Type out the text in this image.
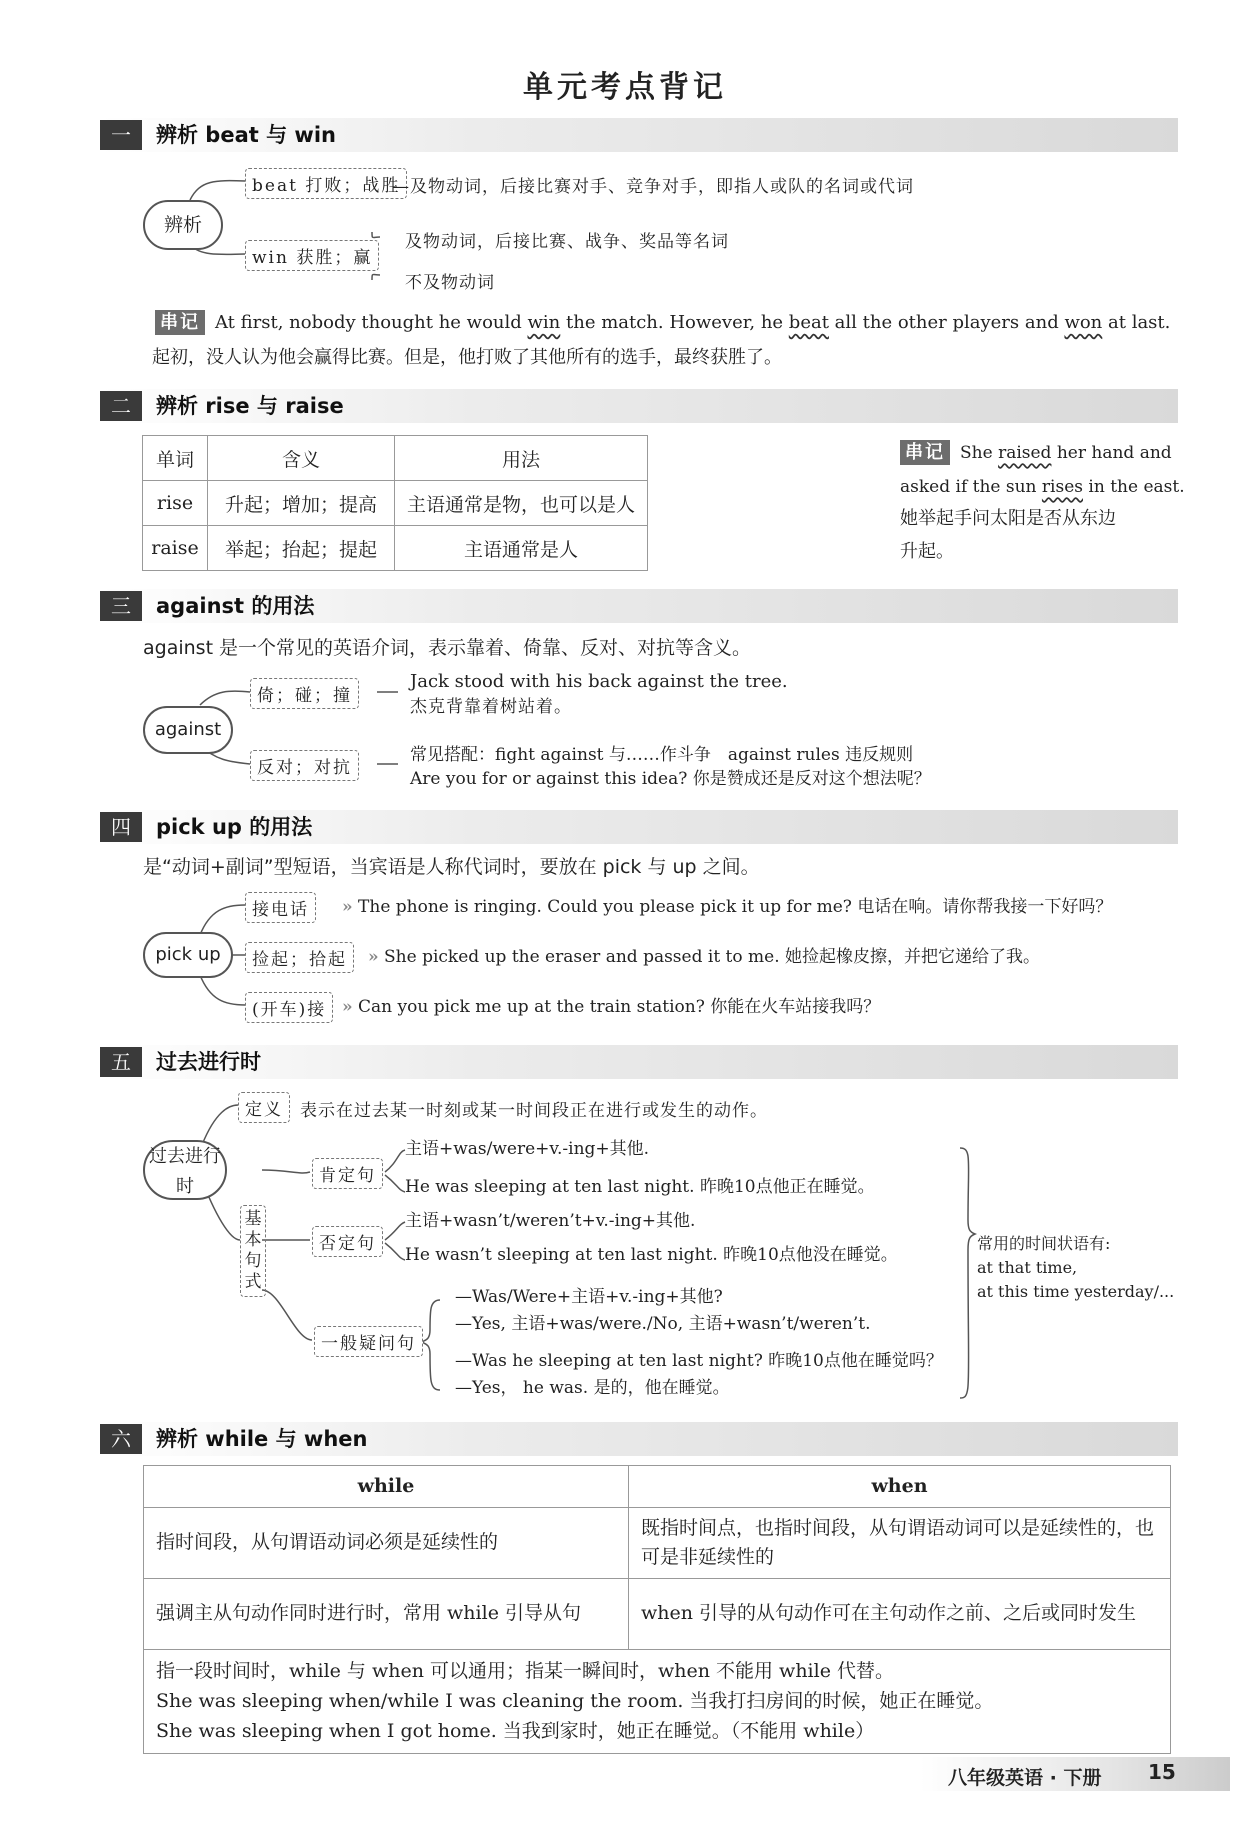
单元考点背记
一	辨析 beat 与 win
辨析
beat 打败；战胜
—及物动词，后接比赛对手、竞争对手，即指人或队的名词或代词
win 获胜；赢
及物动词，后接比赛、战争、奖品等名词
不及物动词
串记 At first, nobody thought he would win the match. However, he beat all the other players and won at last.
起初，没人认为他会赢得比赛。但是，他打败了其他所有的选手，最终获胜了。
二	辨析 rise 与 raise
单词	含义	用法
rise	升起；增加；提高	主语通常是物，也可以是人
raise	举起；抬起；提起	主语通常是人
串记 She raised her hand and
asked if the sun rises in the east.
她举起手问太阳是否从东边
升起。
三	against 的用法
against 是一个常见的英语介词，表示靠着、倚靠、反对、对抗等含义。
against
倚；碰；撞
Jack stood with his back against the tree.
杰克背靠着树站着。
反对；对抗
常见搭配：fight against 与……作斗争　against rules 违反规则
Are you for or against this idea? 你是赞成还是反对这个想法呢？
四	pick up 的用法
是“动词+副词”型短语，当宾语是人称代词时，要放在 pick 与 up 之间。
pick up
接电话	» The phone is ringing. Could you please pick it up for me? 电话在响。请你帮我接一下好吗？
捡起；拾起	» She picked up the eraser and passed it to me. 她捡起橡皮擦，并把它递给了我。
(开车)接 » Can you pick me up at the train station? 你能在火车站接我吗？
五	过去进行时
过去进行时
定义	表示在过去某一时刻或某一时间段正在进行或发生的动作。
基本句式
肯定句
主语+was/were+v.-ing+其他.
He was sleeping at ten last night. 昨晚10点他正在睡觉。
否定句
主语+wasn’t/weren’t+v.-ing+其他.
He wasn’t sleeping at ten last night. 昨晚10点他没在睡觉。
一般疑问句
—Was/Were+主语+v.-ing+其他?
—Yes, 主语+was/were./No, 主语+wasn’t/weren’t.
—Was he sleeping at ten last night? 昨晚10点他在睡觉吗？
—Yes， he was. 是的，他在睡觉。
常用的时间状语有:
at that time,
at this time yesterday/...
六	辨析 while 与 when
while	when
指时间段，从句谓语动词必须是延续性的	既指时间点，也指时间段，从句谓语动词可以是延续性的，也可是非延续性的
强调主从句动作同时进行时，常用 while 引导从句	when 引导的从句动作可在主句动作之前、之后或同时发生

指一段时间时，while 与 when 可以通用；指某一瞬间时，when 不能用 while 代替。
She was sleeping when/while I was cleaning the room. 当我打扫房间的时候，她正在睡觉。
She was sleeping when I got home. 当我到家时，她正在睡觉。（不能用 while）	
八年级英语 · 下册 15
